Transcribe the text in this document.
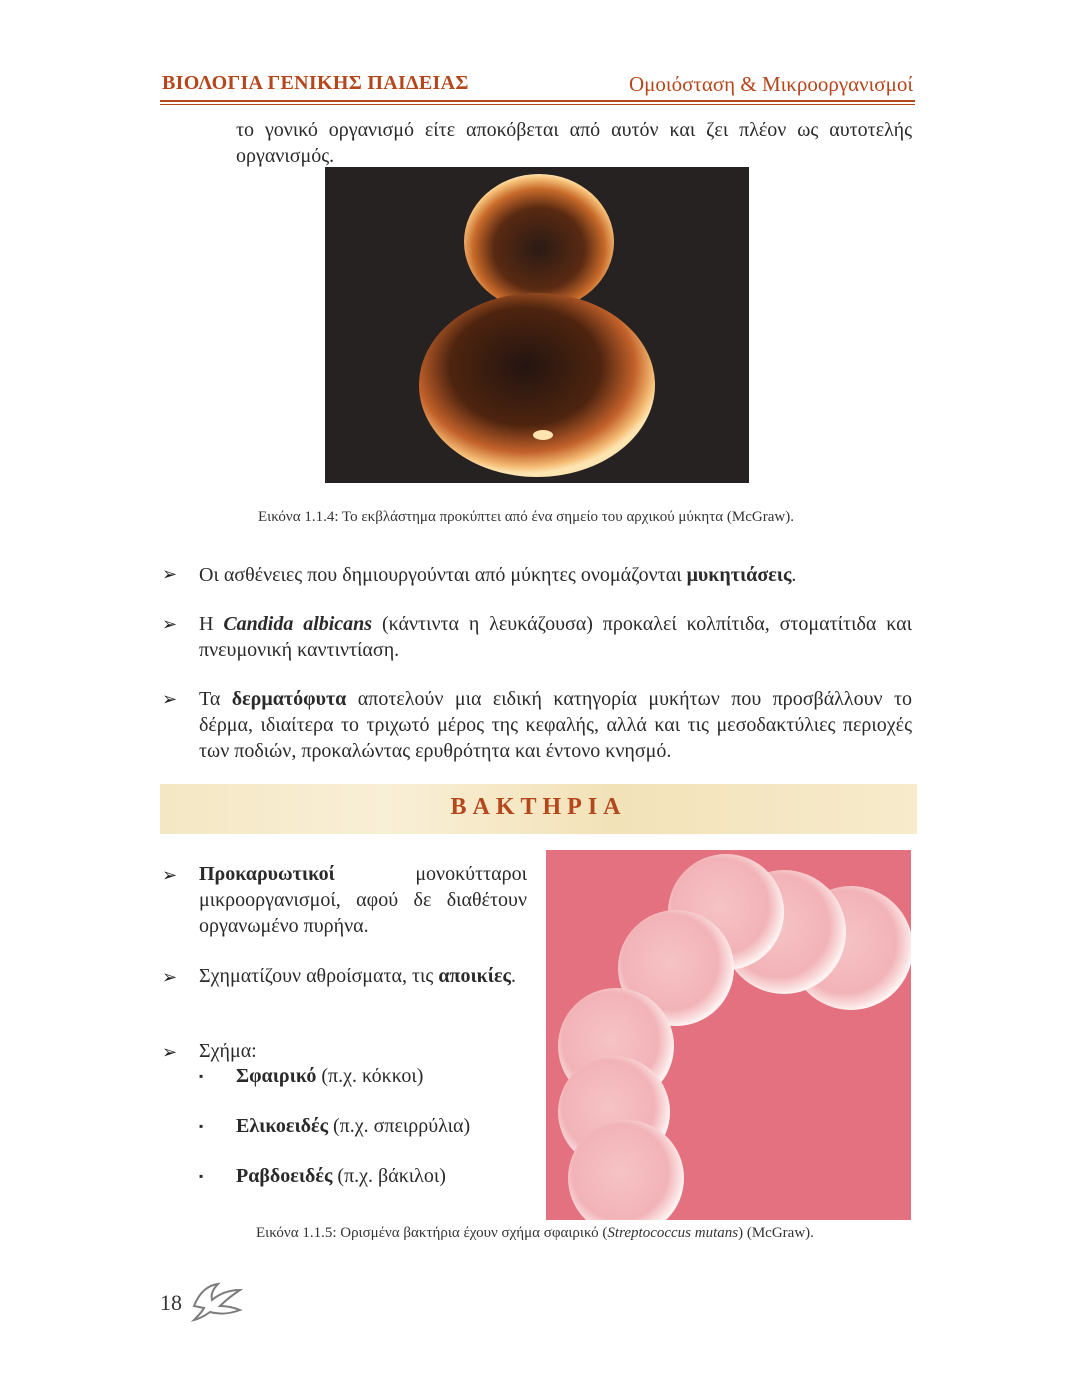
ΒΙΟΛΟΓΙΑ ΓΕΝΙΚΗΣ ΠΑΙΔΕΙΑΣ	Ομοιόσταση & Μικροοργανισμοί
το γονικό οργανισμό είτε αποκόβεται από αυτόν και ζει πλέον ως αυτοτελής οργανισμός.
Εικόνα 1.1.4: Το εκβλάστημα προκύπτει από ένα σημείο του αρχικού μύκητα (McGraw).
➢ Οι ασθένειες που δημιουργούνται από μύκητες ονομάζονται μυκητιάσεις.
➢ Η Candida albicans (κάντιντα η λευκάζουσα) προκαλεί κολπίτιδα, στοματίτιδα και πνευμονική καντιντίαση.
➢ Τα δερματόφυτα αποτελούν μια ειδική κατηγορία μυκήτων που προσβάλλουν το δέρμα, ιδιαίτερα το τριχωτό μέρος της κεφαλής, αλλά και τις μεσοδακτύλιες περιοχές των ποδιών, προκαλώντας ερυθρότητα και έντονο κνησμό.
ΒΑΚΤΗΡΙΑ
➢ Προκαρυωτικοί μονοκύτταροι μικροοργανισμοί, αφού δε διαθέτουν οργανωμένο πυρήνα.
➢ Σχηματίζουν αθροίσματα, τις αποικίες.
➢ Σχήμα:
▪ Σφαιρικό (π.χ. κόκκοι)
▪ Ελικοειδές (π.χ. σπειρρύλια)
▪ Ραβδοειδές (π.χ. βάκιλοι)
Εικόνα 1.1.5: Ορισμένα βακτήρια έχουν σχήμα σφαιρικό (Streptococcus mutans) (McGraw).
18
